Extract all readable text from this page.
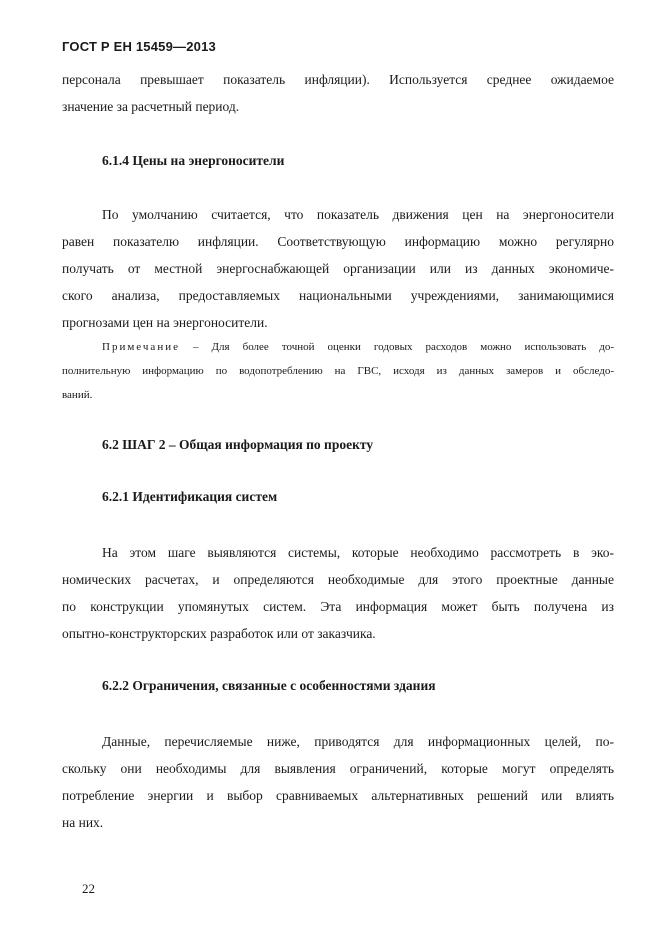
ГОСТ Р ЕН 15459—2013
персонала превышает показатель инфляции). Используется среднее ожидаемое
значение за расчетный период.
6.1.4 Цены на энергоносители
По умолчанию считается, что показатель движения цен на энергоносители
равен показателю инфляции. Соответствующую информацию можно регулярно
получать от местной энергоснабжающей организации или из данных экономиче-
ского анализа, предоставляемых национальными учреждениями, занимающимися
прогнозами цен на энергоносители.
Примечание – Для более точной оценки годовых расходов можно использовать до-
полнительную информацию по водопотреблению на ГВС, исходя из данных замеров и обследо-
ваний.
6.2 ШАГ 2 – Общая информация по проекту
6.2.1 Идентификация систем
На этом шаге выявляются системы, которые необходимо рассмотреть в эко-
номических расчетах, и определяются необходимые для этого проектные данные
по конструкции упомянутых систем. Эта информация может быть получена из
опытно-конструкторских разработок или от заказчика.
6.2.2 Ограничения, связанные с особенностями здания
Данные, перечисляемые ниже, приводятся для информационных целей, по-
скольку они необходимы для выявления ограничений, которые могут определять
потребление энергии и выбор сравниваемых альтернативных решений или влиять
на них.
22
